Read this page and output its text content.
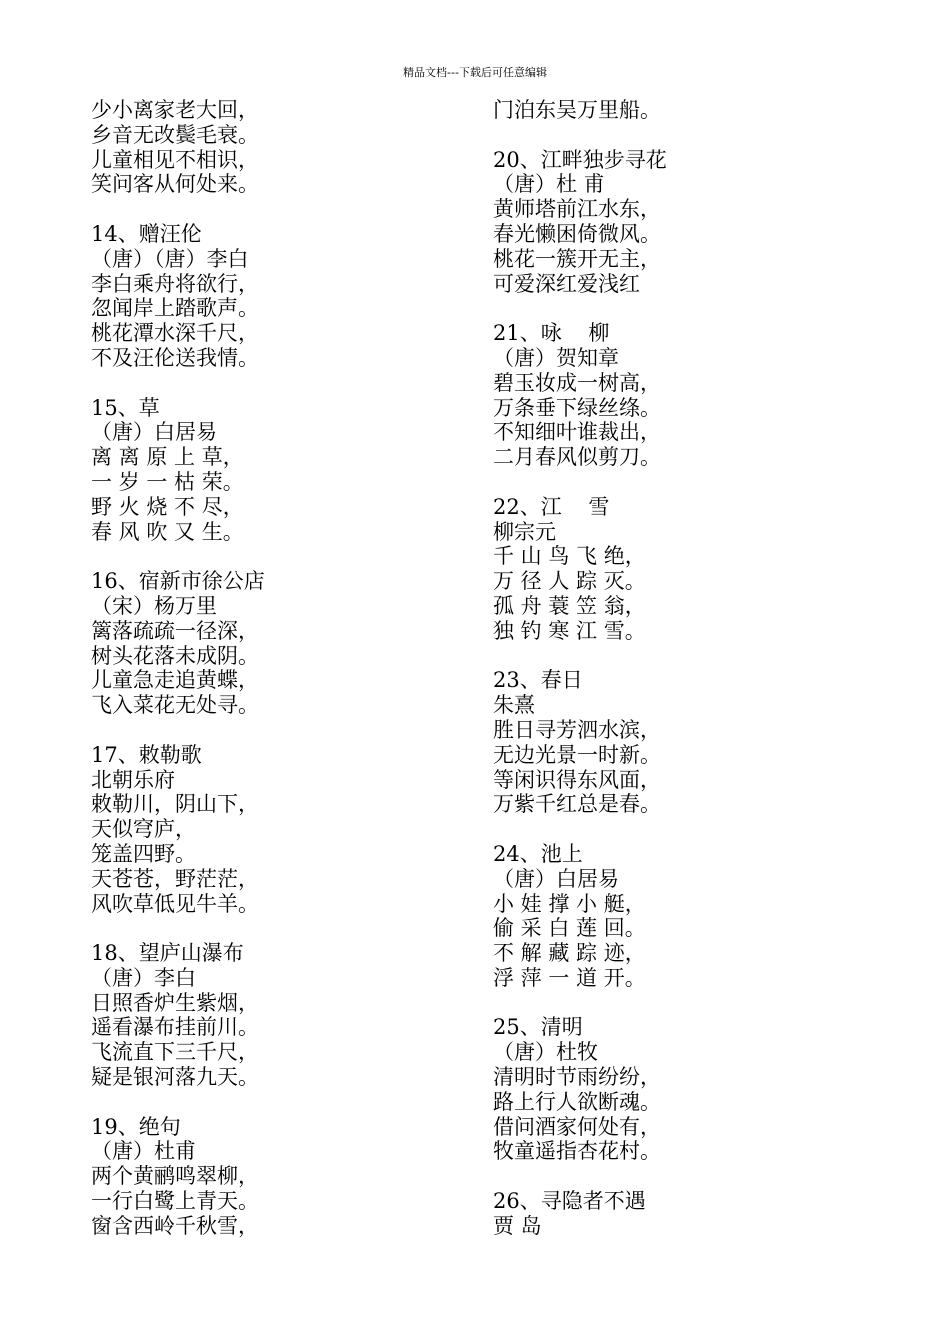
精品文档---下载后可任意编辑
少小离家老大回，
乡音无改鬓毛衰。
儿童相见不相识，
笑问客从何处来。
14、赠汪伦
（唐）（唐）李白
李白乘舟将欲行，
忽闻岸上踏歌声。
桃花潭水深千尺，
不及汪伦送我情。
15、草
（唐）白居易
离 离 原 上 草，
一 岁 一 枯 荣。
野 火 烧 不 尽，
春 风 吹 又 生。
16、宿新市徐公店
（宋）杨万里
篱落疏疏一径深，
树头花落未成阴。
儿童急走追黄蝶，
飞入菜花无处寻。
17、敕勒歌
北朝乐府
敕勒川，阴山下，
天似穹庐，
笼盖四野。
天苍苍，野茫茫，
风吹草低见牛羊。
18、望庐山瀑布
（唐）李白
日照香炉生紫烟，
遥看瀑布挂前川。
飞流直下三千尺，
疑是银河落九天。
19、绝句
（唐）杜甫
两个黄鹂鸣翠柳，
一行白鹭上青天。
窗含西岭千秋雪，
门泊东吴万里船。
20、江畔独步寻花
（唐）杜 甫
黄师塔前江水东，
春光懒困倚微风。
桃花一簇开无主，
可爱深红爱浅红
21、咏    柳
（唐）贺知章
碧玉妆成一树高，
万条垂下绿丝绦。
不知细叶谁裁出，
二月春风似剪刀。
22、江    雪
柳宗元
千 山 鸟 飞 绝，
万 径 人 踪 灭。
孤 舟 蓑 笠 翁，
独 钓 寒 江 雪。
23、春日
朱熹
胜日寻芳泗水滨，
无边光景一时新。
等闲识得东风面，
万紫千红总是春。
24、池上
（唐）白居易
小 娃 撑 小 艇，
偷 采 白 莲 回。
不 解 藏 踪 迹，
浮 萍 一 道 开。
25、清明
（唐）杜牧
清明时节雨纷纷，
路上行人欲断魂。
借问酒家何处有，
牧童遥指杏花村。
26、寻隐者不遇
贾 岛
